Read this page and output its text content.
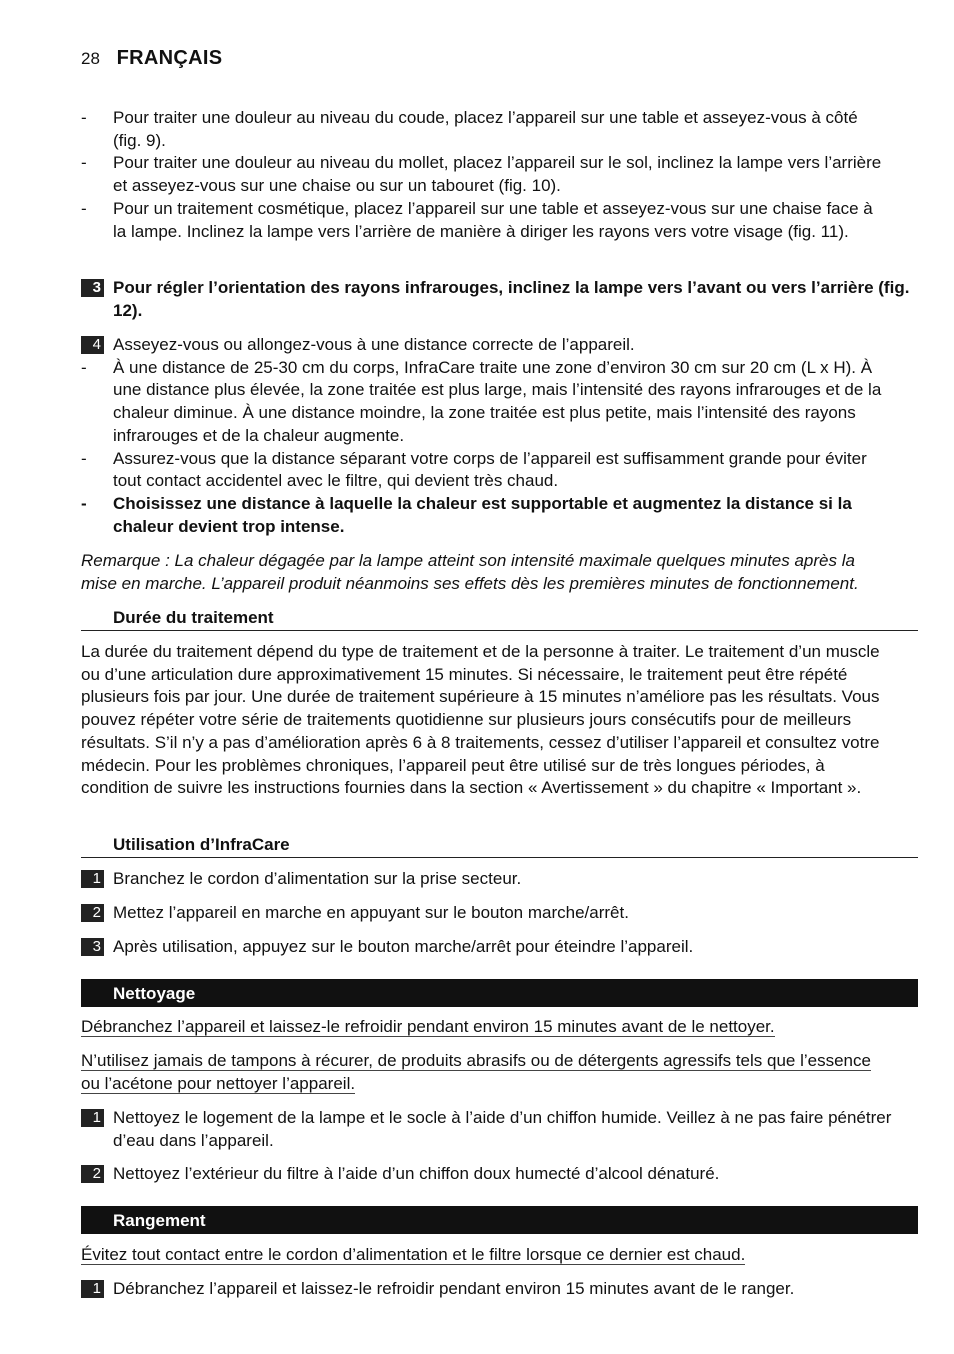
28 FRANÇAIS
- Pour traiter une douleur au niveau du coude, placez l’appareil sur une table et asseyez-vous à côté (fig. 9).
- Pour traiter une douleur au niveau du mollet, placez l’appareil sur le sol, inclinez la lampe vers l’arrière et asseyez-vous sur une chaise ou sur un tabouret (fig. 10).
- Pour un traitement cosmétique, placez l’appareil sur une table et asseyez-vous sur une chaise face à la lampe. Inclinez la lampe vers l’arrière de manière à diriger les rayons vers votre visage (fig. 11).
3 Pour régler l’orientation des rayons infrarouges, inclinez la lampe vers l’avant ou vers l’arrière (fig. 12).
4 Asseyez-vous ou allongez-vous à une distance correcte de l’appareil.
- À une distance de 25-30 cm du corps, InfraCare traite une zone d’environ 30 cm sur 20 cm (L x H). À une distance plus élevée, la zone traitée est plus large, mais l’intensité des rayons infrarouges et de la chaleur diminue. À une distance moindre, la zone traitée est plus petite, mais l’intensité des rayons infrarouges et de la chaleur augmente.
- Assurez-vous que la distance séparant votre corps de l’appareil est suffisamment grande pour éviter tout contact accidentel avec le filtre, qui devient très chaud.
- Choisissez une distance à laquelle la chaleur est supportable et augmentez la distance si la chaleur devient trop intense.
Remarque : La chaleur dégagée par la lampe atteint son intensité maximale quelques minutes après la mise en marche. L’appareil produit néanmoins ses effets dès les premières minutes de fonctionnement.
Durée du traitement
La durée du traitement dépend du type de traitement et de la personne à traiter. Le traitement d’un muscle ou d’une articulation dure approximativement 15 minutes. Si nécessaire, le traitement peut être répété plusieurs fois par jour. Une durée de traitement supérieure à 15 minutes n’améliore pas les résultats. Vous pouvez répéter votre série de traitements quotidienne sur plusieurs jours consécutifs pour de meilleurs résultats. S’il n’y a pas d’amélioration après 6 à 8 traitements, cessez d’utiliser l’appareil et consultez votre médecin. Pour les problèmes chroniques, l’appareil peut être utilisé sur de très longues périodes, à condition de suivre les instructions fournies dans la section « Avertissement » du chapitre « Important ».
Utilisation d’InfraCare
1 Branchez le cordon d’alimentation sur la prise secteur.
2 Mettez l’appareil en marche en appuyant sur le bouton marche/arrêt.
3 Après utilisation, appuyez sur le bouton marche/arrêt pour éteindre l’appareil.
Nettoyage
Débranchez l’appareil et laissez-le refroidir pendant environ 15 minutes avant de le nettoyer.
N’utilisez jamais de tampons à récurer, de produits abrasifs ou de détergents agressifs tels que l’essence ou l’acétone pour nettoyer l’appareil.
1 Nettoyez le logement de la lampe et le socle à l’aide d’un chiffon humide. Veillez à ne pas faire pénétrer d’eau dans l’appareil.
2 Nettoyez l’extérieur du filtre à l’aide d’un chiffon doux humecté d’alcool dénaturé.
Rangement
Évitez tout contact entre le cordon d’alimentation et le filtre lorsque ce dernier est chaud.
1 Débranchez l’appareil et laissez-le refroidir pendant environ 15 minutes avant de le ranger.
